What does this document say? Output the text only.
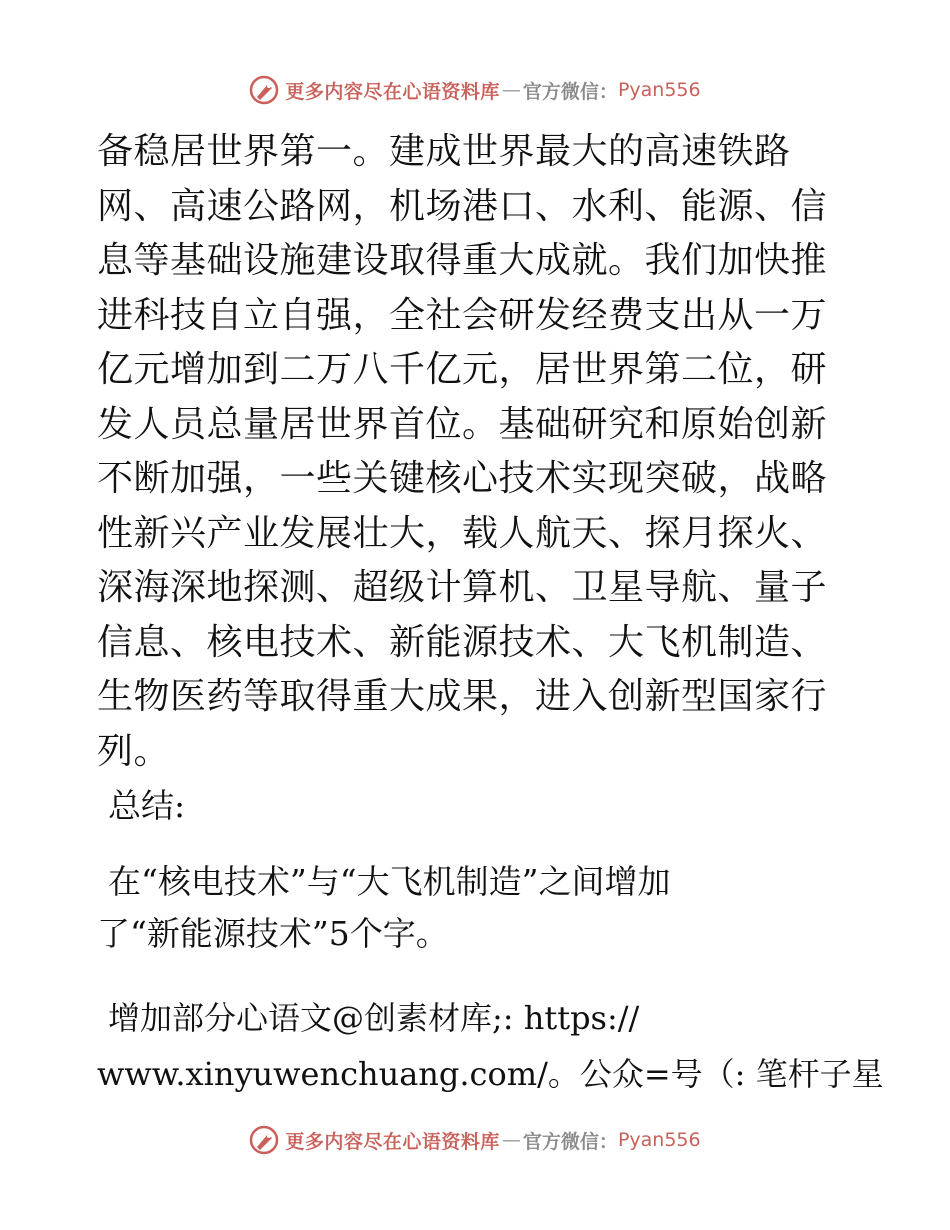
更多内容尽在心语资料库 — 官方微信： Pyan556

备稳居世界第一。建成世界最大的高速铁路网、高速公路网，机场港口、水利、能源、信息等基础设施建设取得重大成就。我们加快推进科技自立自强，全社会研发经费支出从一万亿元增加到二万八千亿元，居世界第二位，研发人员总量居世界首位。基础研究和原始创新不断加强，一些关键核心技术实现突破，战略性新兴产业发展壮大，载人航天、探月探火、深海深地探测、超级计算机、卫星导航、量子信息、核电技术、新能源技术、大飞机制造、生物医药等取得重大成果，进入创新型国家行列。

总结:

在“核电技术”与“大飞机制造”之间增加
了“新能源技术”5个字。

增加部分心语文@创素材库;: https://
www.xinyuwenchuang.com/。公众=号（: 笔杆子星

更多内容尽在心语资料库 — 官方微信： Pyan556
